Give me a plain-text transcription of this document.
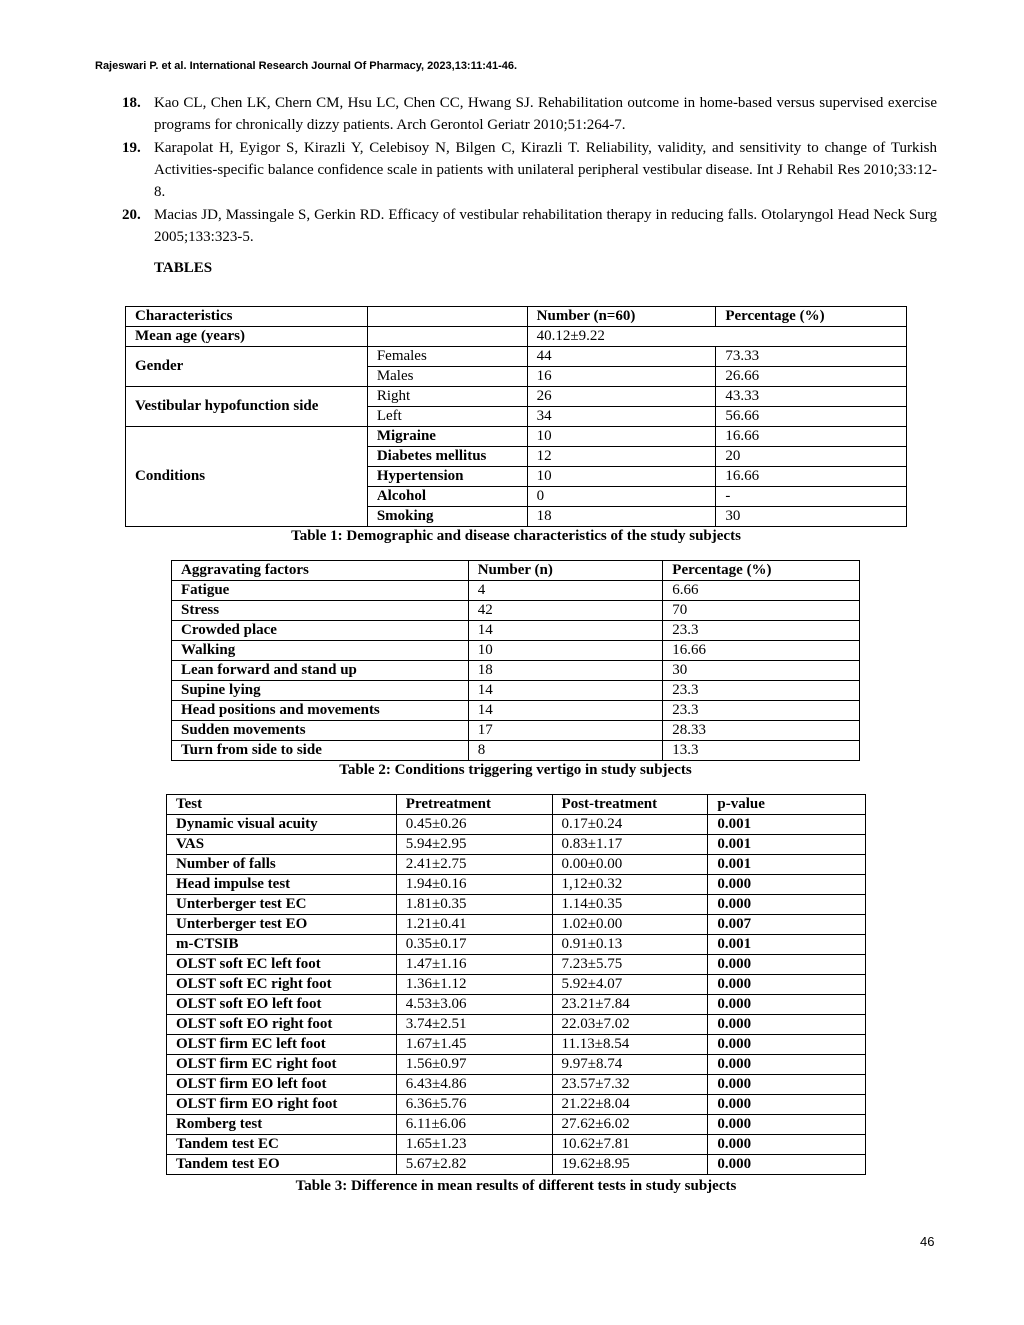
Rajeswari P. et al. International Research Journal Of Pharmacy, 2023,13:11:41-46.
18. Kao CL, Chen LK, Chern CM, Hsu LC, Chen CC, Hwang SJ. Rehabilitation outcome in home-based versus supervised exercise programs for chronically dizzy patients. Arch Gerontol Geriatr 2010;51:264-7.
19. Karapolat H, Eyigor S, Kirazli Y, Celebisoy N, Bilgen C, Kirazli T. Reliability, validity, and sensitivity to change of Turkish Activities-specific balance confidence scale in patients with unilateral peripheral vestibular disease. Int J Rehabil Res 2010;33:12-8.
20. Macias JD, Massingale S, Gerkin RD. Efficacy of vestibular rehabilitation therapy in reducing falls. Otolaryngol Head Neck Surg 2005;133:323-5.
TABLES
Characteristics		Number (n=60)	Percentage (%)
Mean age (years)		40.12±9.22	
Gender	Females	44	73.33
	Males	16	26.66
Vestibular hypofunction side	Right	26	43.33
	Left	34	56.66
Conditions	Migraine	10	16.66
	Diabetes mellitus	12	20
	Hypertension	10	16.66
	Alcohol	0	-
	Smoking	18	30
Table 1: Demographic and disease characteristics of the study subjects
Aggravating factors	Number (n)	Percentage (%)
Fatigue	4	6.66
Stress	42	70
Crowded place	14	23.3
Walking	10	16.66
Lean forward and stand up	18	30
Supine lying	14	23.3
Head positions and movements	14	23.3
Sudden movements	17	28.33
Turn from side to side	8	13.3
Table 2: Conditions triggering vertigo in study subjects
Test	Pretreatment	Post-treatment	p-value
Dynamic visual acuity	0.45±0.26	0.17±0.24	0.001
VAS	5.94±2.95	0.83±1.17	0.001
Number of falls	2.41±2.75	0.00±0.00	0.001
Head impulse test	1.94±0.16	1,12±0.32	0.000
Unterberger test EC	1.81±0.35	1.14±0.35	0.000
Unterberger test EO	1.21±0.41	1.02±0.00	0.007
m-CTSIB	0.35±0.17	0.91±0.13	0.001
OLST soft EC left foot	1.47±1.16	7.23±5.75	0.000
OLST soft EC right foot	1.36±1.12	5.92±4.07	0.000
OLST soft EO left foot	4.53±3.06	23.21±7.84	0.000
OLST soft EO right foot	3.74±2.51	22.03±7.02	0.000
OLST firm EC left foot	1.67±1.45	11.13±8.54	0.000
OLST firm EC right foot	1.56±0.97	9.97±8.74	0.000
OLST firm EO left foot	6.43±4.86	23.57±7.32	0.000
OLST firm EO right foot	6.36±5.76	21.22±8.04	0.000
Romberg test	6.11±6.06	27.62±6.02	0.000
Tandem test EC	1.65±1.23	10.62±7.81	0.000
Tandem test EO	5.67±2.82	19.62±8.95	0.000
Table 3: Difference in mean results of different tests in study subjects
46
